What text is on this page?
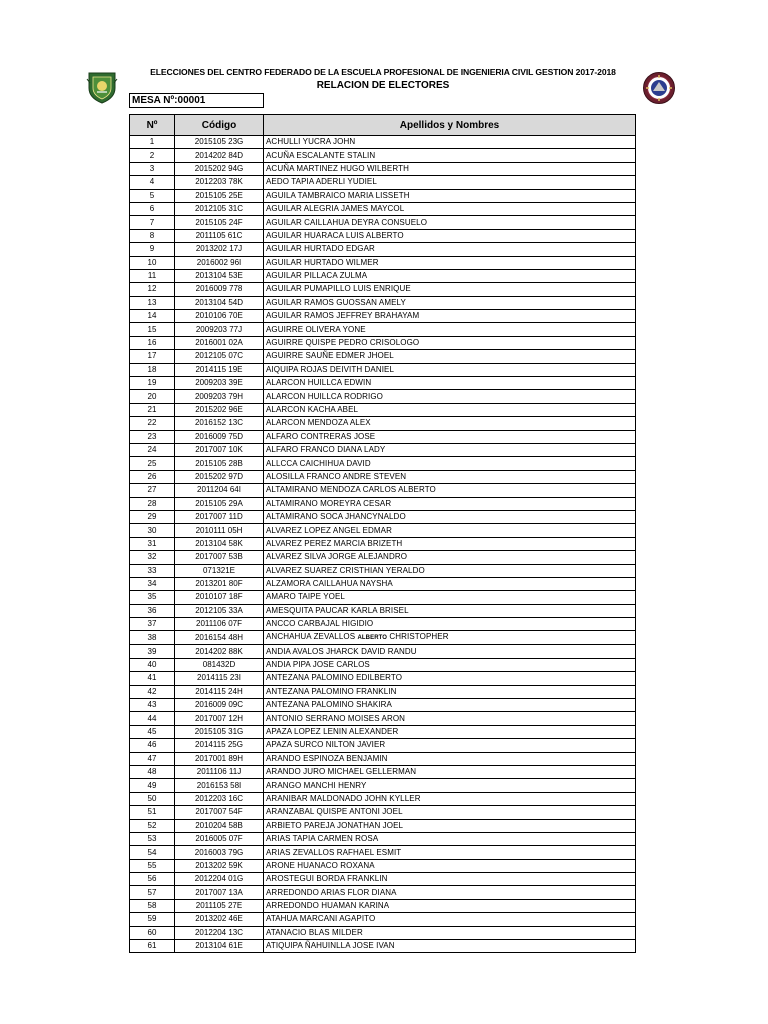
ELECCIONES DEL CENTRO FEDERADO DE LA ESCUELA PROFESIONAL DE INGENIERIA CIVIL GESTION 2017-2018
RELACION DE ELECTORES
MESA Nº:00001
Nº	Código	Apellidos y Nombres
1	2015105 23G	ACHULLI YUCRA JOHN
2	2014202 84D	ACUÑA ESCALANTE STALIN
3	2015202 94G	ACUÑA MARTINEZ HUGO WILBERTH
4	2012203 78K	AEDO TAPIA ADERLI YUDIEL
5	2015105 25E	AGUILA TAMBRAICO MARIA LISSETH
6	2012105 31C	AGUILAR ALEGRIA JAMES MAYCOL
7	2015105 24F	AGUILAR CAILLAHUA DEYRA CONSUELO
8	2011105 61C	AGUILAR HUARACA LUIS ALBERTO
9	2013202 17J	AGUILAR HURTADO EDGAR
10	2016002 96I	AGUILAR HURTADO WILMER
11	2013104 53E	AGUILAR PILLACA ZULMA
12	2016009 778	AGUILAR PUMAPILLO LUIS ENRIQUE
13	2013104 54D	AGUILAR RAMOS GUOSSAN AMELY
14	2010106 70E	AGUILAR RAMOS JEFFREY BRAHAYAM
15	2009203 77J	AGUIRRE OLIVERA YONE
16	2016001 02A	AGUIRRE QUISPE PEDRO CRISOLOGO
17	2012105 07C	AGUIRRE SAUÑE EDMER JHOEL
18	2014115 19E	AIQUIPA ROJAS DEIVITH DANIEL
19	2009203 39E	ALARCON HUILLCA EDWIN
20	2009203 79H	ALARCON HUILLCA RODRIGO
21	2015202 96E	ALARCON KACHA ABEL
22	2016152 13C	ALARCON MENDOZA ALEX
23	2016009 75D	ALFARO CONTRERAS JOSE
24	2017007 10K	ALFARO FRANCO DIANA LADY
25	2015105 28B	ALLCCA CAICHIHUA DAVID
26	2015202 97D	ALOSILLA FRANCO ANDRE STEVEN
27	2011204 64I	ALTAMIRANO MENDOZA CARLOS ALBERTO
28	2015105 29A	ALTAMIRANO MOREYRA CESAR
29	2017007 11D	ALTAMIRANO SOCA JHANCYNALDO
30	2010111 05H	ALVAREZ LOPEZ ANGEL EDMAR
31	2013104 58K	ALVAREZ PEREZ MARCIA BRIZETH
32	2017007 53B	ALVAREZ SILVA JORGE ALEJANDRO
33	071321E	ALVAREZ SUAREZ CRISTHIAN YERALDO
34	2013201 80F	ALZAMORA CAILLAHUA NAYSHA
35	2010107 18F	AMARO TAIPE YOEL
36	2012105 33A	AMESQUITA PAUCAR KARLA BRISEL
37	2011106 07F	ANCCO CARBAJAL HIGIDIO
38	2016154 48H	ANCHAHUA ZEVALLOS ALBERTO CHRISTOPHER
39	2014202 88K	ANDIA AVALOS JHARCK DAVID RANDU
40	081432D	ANDIA PIPA JOSE CARLOS
41	2014115 23I	ANTEZANA PALOMINO EDILBERTO
42	2014115 24H	ANTEZANA PALOMINO FRANKLIN
43	2016009 09C	ANTEZANA PALOMINO SHAKIRA
44	2017007 12H	ANTONIO SERRANO MOISES ARON
45	2015105 31G	APAZA LOPEZ LENIN ALEXANDER
46	2014115 25G	APAZA SURCO NILTON JAVIER
47	2017001 89H	ARANDO ESPINOZA BENJAMIN
48	2011106 11J	ARANDO JURO MICHAEL GELLERMAN
49	2016153 58I	ARANGO MANCHI HENRY
50	2012203 16C	ARANIBAR MALDONADO JOHN KYLLER
51	2017007 54F	ARANZABAL QUISPE ANTONI JOEL
52	2010204 58B	ARBIETO PAREJA JONATHAN JOEL
53	2016005 07F	ARIAS TAPIA CARMEN ROSA
54	2016003 79G	ARIAS ZEVALLOS RAFHAEL ESMIT
55	2013202 59K	ARONE HUANACO ROXANA
56	2012204 01G	AROSTEGUI BORDA FRANKLIN
57	2017007 13A	ARREDONDO ARIAS FLOR DIANA
58	2011105 27E	ARREDONDO HUAMAN KARINA
59	2013202 46E	ATAHUA MARCANI AGAPITO
60	2012204 13C	ATANACIO BLAS MILDER
61	2013104 61E	ATIQUIPA ÑAHUINLLA JOSE IVAN
